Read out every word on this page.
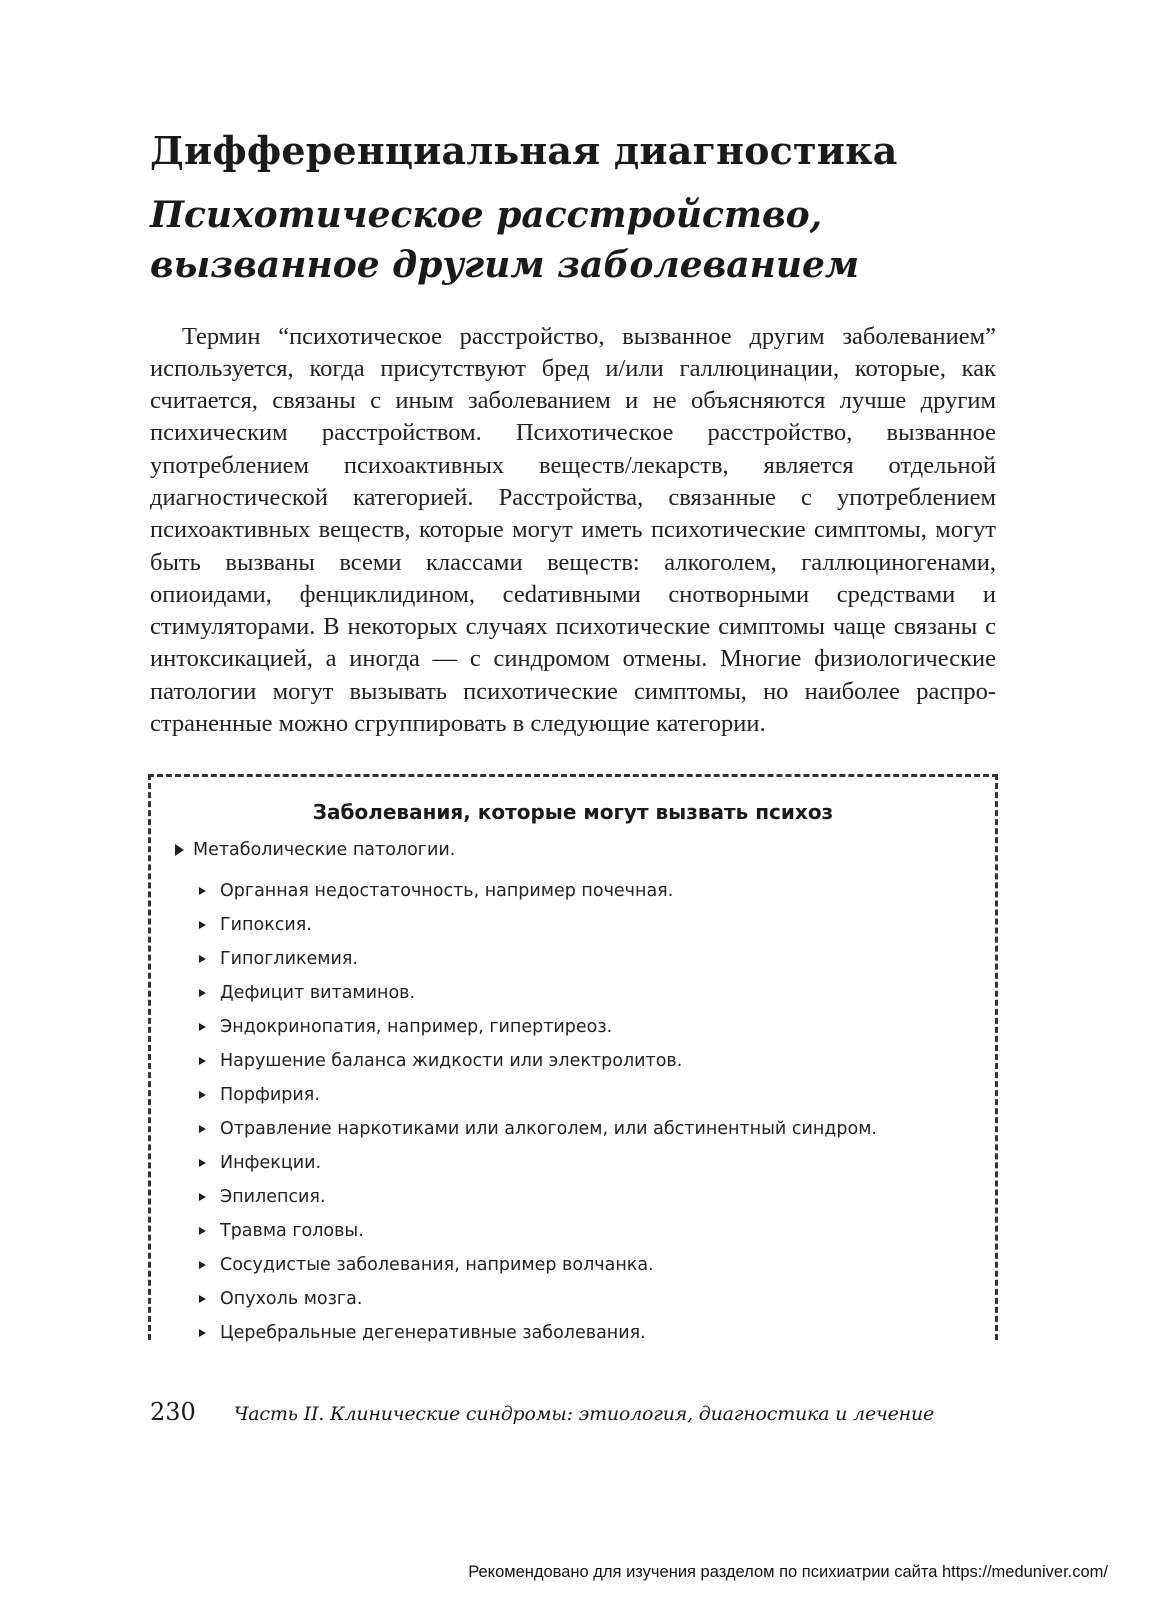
Дифференциальная диагностика
Психотическое расстройство,
вызванное другим заболеванием

Термин “психотическое расстройство, вызванное другим заболеванием” используется, когда присутствуют бред и/или галлюцинации, которые, как считается, связаны с иным заболеванием и не объясняются лучше другим психическим расстройством. Психотическое расстройство, вызванное употреблением психоактивных веществ/лекарств, является отдельной диагностической категорией. Расстройства, связанные с употреблением психоактивных веществ, которые могут иметь психотические симптомы, могут быть вызваны всеми классами веществ: алкоголем, галлюциногенами, опиоидами, фенциклидином, сеdативными снотворными средствами и стимуляторами. В некоторых случаях психотические симптомы чаще связаны с интоксикацией, а иногда — с синдромом отмены. Многие физиологические патологии могут вызывать психотические симптомы, но наиболее распространенные можно сгруппировать в следующие категории.

Заболевания, которые могут вызвать психоз
Метаболические патологии.
Органная недостаточность, например почечная.
Гипоксия.
Гипогликемия.
Дефицит витаминов.
Эндокринопатия, например, гипертиреоз.
Нарушение баланса жидкости или электролитов.
Порфирия.
Отравление наркотиками или алкоголем, или абстинентный синдром.
Инфекции.
Эпилепсия.
Травма головы.
Сосудистые заболевания, например волчанка.
Опухоль мозга.
Церебральные дегенеративные заболевания.
230 Часть II. Клинические синдромы: этиология, диагностика и лечение
Рекомендовано для изучения разделом по психиатрии сайта https://meduniver.com/
